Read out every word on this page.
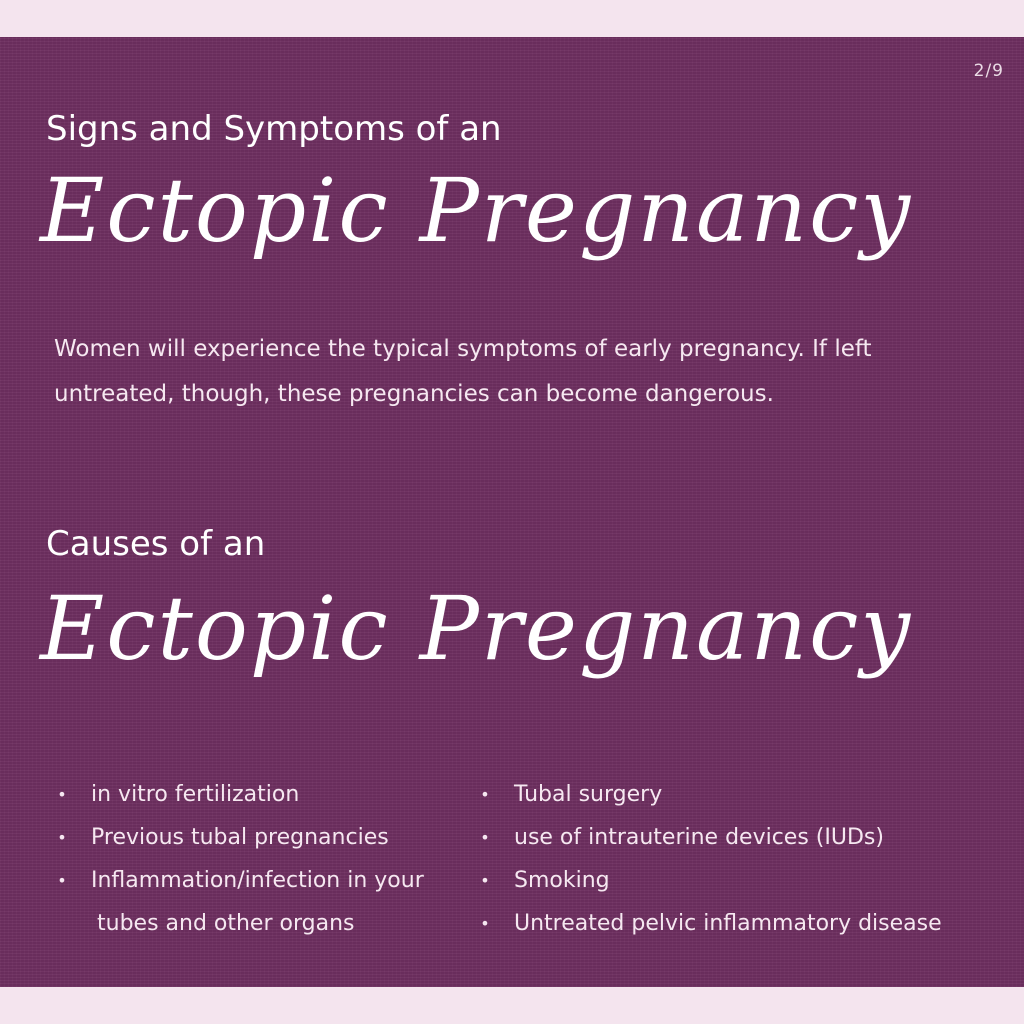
2/9
Signs and Symptoms of an
Ectopic Pregnancy

Women will experience the typical symptoms of early pregnancy. If left untreated, though, these pregnancies can become dangerous.

Causes of an
Ectopic Pregnancy
• in vitro fertilization
• Previous tubal pregnancies
• Inflammation/infection in your
tubes and other organs
• Tubal surgery
• use of intrauterine devices (IUDs)
• Smoking
• Untreated pelvic inflammatory disease
